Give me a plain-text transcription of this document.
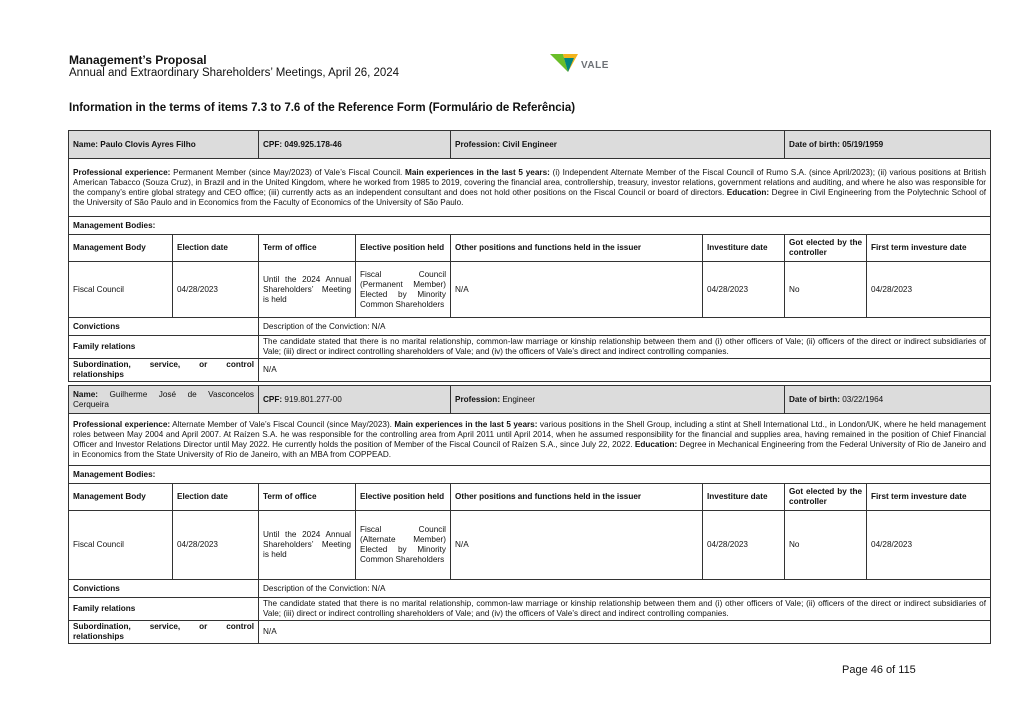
Management’s Proposal
Annual and Extraordinary Shareholders’ Meetings, April 26, 2024
VALE
Information in the terms of items 7.3 to 7.6 of the Reference Form (Formulário de Referência)
Name: Paulo Clovis Ayres Filho		CPF: 049.925.178-46		Profession: Civil Engineer		Date of birth: 05/19/1959	
Professional experience: Permanent Member (since May/2023) of Vale’s Fiscal Council. Main experiences in the last 5 years: (i) Independent Alternate Member of the Fiscal Council of Rumo S.A. (since April/2023); (ii) various positions at British American Tabacco (Souza Cruz), in Brazil and in the United Kingdom, where he worked from 1985 to 2019, covering the financial area, controllership, treasury, investor relations, government relations and auditing, and where he also was responsible for the company’s entire global strategy and CEO office; (iii) currently acts as an independent consultant and does not hold other positions on the Fiscal Council or board of directors. Education: Degree in Civil Engineering from the Polytechnic School of the University of São Paulo and in Economics from the Faculty of Economics of the University of São Paulo.							
Management Bodies:							
Management Body	Election date	Term of office	Elective position held	Other positions and functions held in the issuer	Investiture date	Got elected by the controller	First term investure date
Fiscal Council	04/28/2023	Until the 2024 Annual Shareholders’ Meeting is held	Fiscal Council (Permanent Member) Elected by Minority Common Shareholders	N/A	04/28/2023	No	04/28/2023
Convictions		Description of the Conviction: N/A					
Family relations		The candidate stated that there is no marital relationship, common-law marriage or kinship relationship between them and (i) other officers of Vale; (ii) officers of the direct or indirect subsidiaries of Vale; (iii) direct or indirect controlling shareholders of Vale; and (iv) the officers of Vale’s direct and indirect controlling companies.					
Subordination, service, or control relationships		N/A					
Name: Guilherme José de Vasconcelos Cerqueira		CPF: 919.801.277-00		Profession: Engineer		Date of birth: 03/22/1964	
Professional experience: Alternate Member of Vale’s Fiscal Council (since May/2023). Main experiences in the last 5 years: various positions in the Shell Group, including a stint at Shell International Ltd., in London/UK, where he held management roles between May 2004 and April 2007. At Raízen S.A. he was responsible for the controlling area from April 2011 until April 2014, when he assumed responsibility for the financial and supplies area, having remained in the position of Chief Financial Officer and Investor Relations Director until May 2022. He currently holds the position of Member of the Fiscal Council of Raízen S.A., since July 22, 2022. Education: Degree in Mechanical Engineering from the Federal University of Rio de Janeiro and in Economics from the State University of Rio de Janeiro, with an MBA from COPPEAD.							
Management Bodies:							
Management Body	Election date	Term of office	Elective position held	Other positions and functions held in the issuer	Investiture date	Got elected by the controller	First term investure date
Fiscal Council	04/28/2023	Until the 2024 Annual Shareholders’ Meeting is held	Fiscal Council (Alternate Member) Elected by Minority Common Shareholders	N/A	04/28/2023	No	04/28/2023
Convictions		Description of the Conviction: N/A					
Family relations		The candidate stated that there is no marital relationship, common-law marriage or kinship relationship between them and (i) other officers of Vale; (ii) officers of the direct or indirect subsidiaries of Vale; (iii) direct or indirect controlling shareholders of Vale; and (iv) the officers of Vale’s direct and indirect controlling companies.					
Subordination, service, or control relationships		N/A					
Page 46 of 115
